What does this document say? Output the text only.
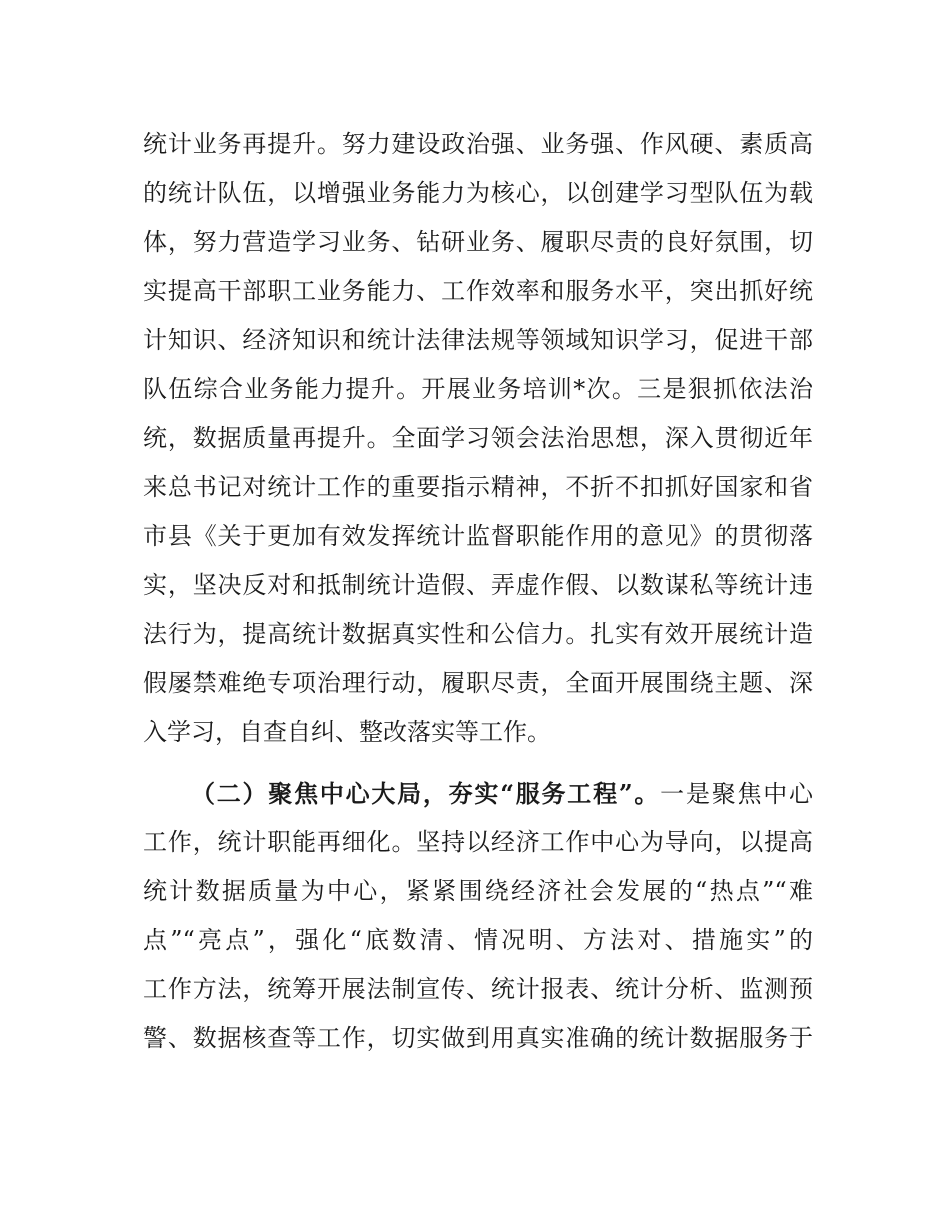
统计业务再提升。努力建设政治强、业务强、作风硬、素质高
的统计队伍，以增强业务能力为核心，以创建学习型队伍为载
体，努力营造学习业务、钻研业务、履职尽责的良好氛围，切
实提高干部职工业务能力、工作效率和服务水平，突出抓好统
计知识、经济知识和统计法律法规等领域知识学习，促进干部
队伍综合业务能力提升。开展业务培训*次。三是狠抓依法治
统，数据质量再提升。全面学习领会法治思想，深入贯彻近年
来总书记对统计工作的重要指示精神，不折不扣抓好国家和省
市县《关于更加有效发挥统计监督职能作用的意见》的贯彻落
实，坚决反对和抵制统计造假、弄虚作假、以数谋私等统计违
法行为，提高统计数据真实性和公信力。扎实有效开展统计造
假屡禁难绝专项治理行动，履职尽责，全面开展围绕主题、深
入学习，自查自纠、整改落实等工作。
（二）聚焦中心大局，夯实“服务工程”。一是聚焦中心
工作，统计职能再细化。坚持以经济工作中心为导向，以提高
统计数据质量为中心，紧紧围绕经济社会发展的“热点”“难
点”“亮点”，强化“底数清、情况明、方法对、措施实”的
工作方法，统筹开展法制宣传、统计报表、统计分析、监测预
警、数据核查等工作，切实做到用真实准确的统计数据服务于
